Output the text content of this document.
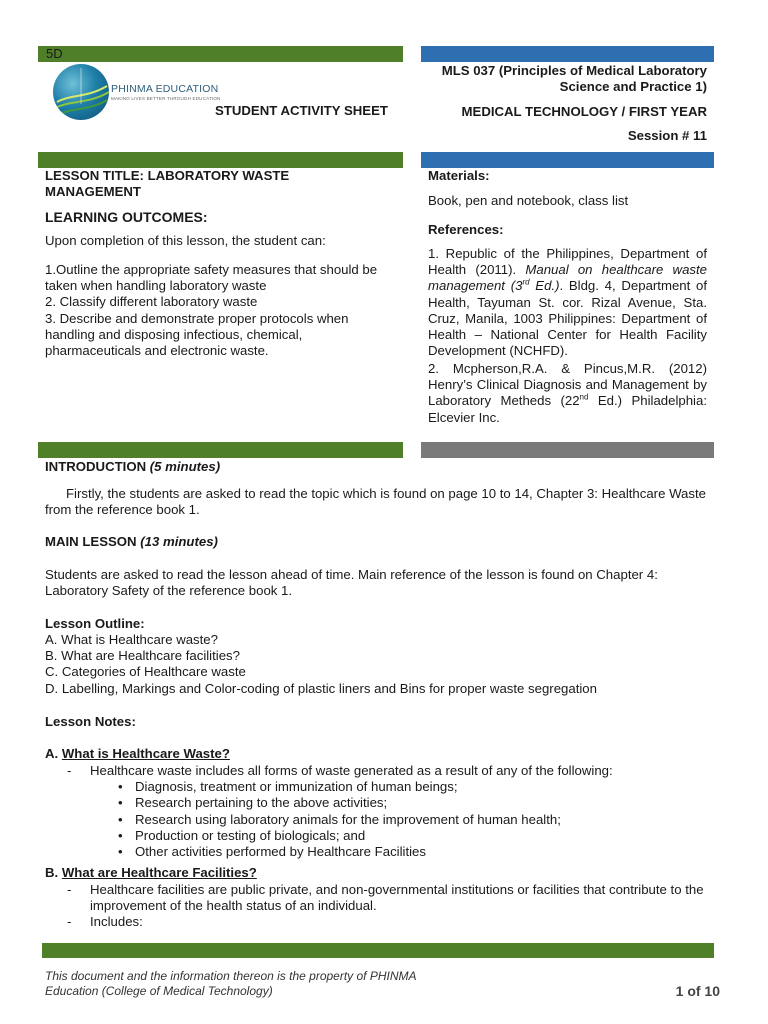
5D
PHINMA EDUCATION
MAKING LIVES BETTER THROUGH EDUCATION
STUDENT ACTIVITY SHEET
MLS 037 (Principles of Medical Laboratory
Science and Practice 1)
MEDICAL TECHNOLOGY / FIRST YEAR
Session # 11
LESSON TITLE: LABORATORY WASTE
MANAGEMENT
LEARNING OUTCOMES:
Upon completion of this lesson, the student can:
1.Outline the appropriate safety measures that should be taken when handling laboratory waste
2. Classify different laboratory waste
3. Describe and demonstrate proper protocols when handling and disposing infectious, chemical, pharmaceuticals and electronic waste.
Materials:
Book, pen and notebook, class list
References:
1. Republic of the Philippines, Department of Health (2011). Manual on healthcare waste management (3rd Ed.). Bldg. 4, Department of Health, Tayuman St. cor. Rizal Avenue, Sta. Cruz, Manila, 1003 Philippines: Department of Health – National Center for Health Facility Development (NCHFD).
2. Mcpherson,R.A. & Pincus,M.R. (2012) Henry’s Clinical Diagnosis and Management by Laboratory Metheds (22nd Ed.) Philadelphia: Elcevier Inc.
INTRODUCTION (5 minutes)
Firstly, the students are asked to read the topic which is found on page 10 to 14, Chapter 3: Healthcare Waste from the reference book 1.
MAIN LESSON (13 minutes)
Students are asked to read the lesson ahead of time. Main reference of the lesson is found on Chapter 4: Laboratory Safety of the reference book 1.
Lesson Outline:
A. What is Healthcare waste?
B. What are Healthcare facilities?
C. Categories of Healthcare waste
D. Labelling, Markings and Color-coding of plastic liners and Bins for proper waste segregation
Lesson Notes:
A. What is Healthcare Waste?
- Healthcare waste includes all forms of waste generated as a result of any of the following:
• Diagnosis, treatment or immunization of human beings;
• Research pertaining to the above activities;
• Research using laboratory animals for the improvement of human health;
• Production or testing of biologicals; and
• Other activities performed by Healthcare Facilities
B. What are Healthcare Facilities?
- Healthcare facilities are public private, and non-governmental institutions or facilities that contribute to the improvement of the health status of an individual.
- Includes:
This document and the information thereon is the property of PHINMA
Education (College of Medical Technology)	1 of 10
